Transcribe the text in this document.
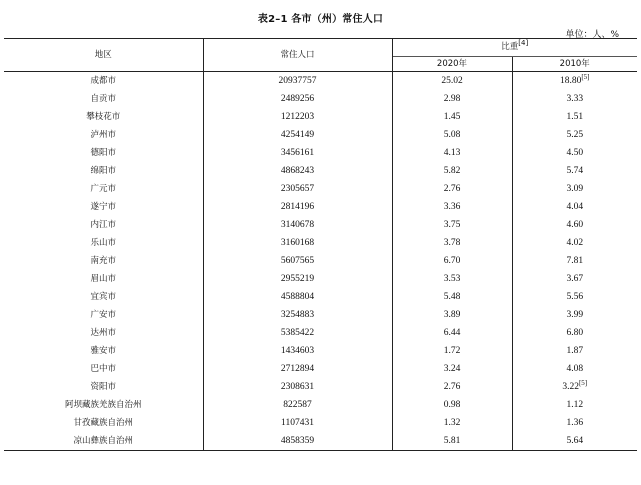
表2–1 各市（州）常住人口
单位：人、%
地区	常住人口	比重[4]
		2020年	2010年
成都市	20937757	25.02	18.80[5]
自贡市	2489256	2.98	3.33
攀枝花市	1212203	1.45	1.51
泸州市	4254149	5.08	5.25
德阳市	3456161	4.13	4.50
绵阳市	4868243	5.82	5.74
广元市	2305657	2.76	3.09
遂宁市	2814196	3.36	4.04
内江市	3140678	3.75	4.60
乐山市	3160168	3.78	4.02
南充市	5607565	6.70	7.81
眉山市	2955219	3.53	3.67
宜宾市	4588804	5.48	5.56
广安市	3254883	3.89	3.99
达州市	5385422	6.44	6.80
雅安市	1434603	1.72	1.87
巴中市	2712894	3.24	4.08
资阳市	2308631	2.76	3.22[5]
阿坝藏族羌族自治州	822587	0.98	1.12
甘孜藏族自治州	1107431	1.32	1.36
凉山彝族自治州	4858359	5.81	5.64
